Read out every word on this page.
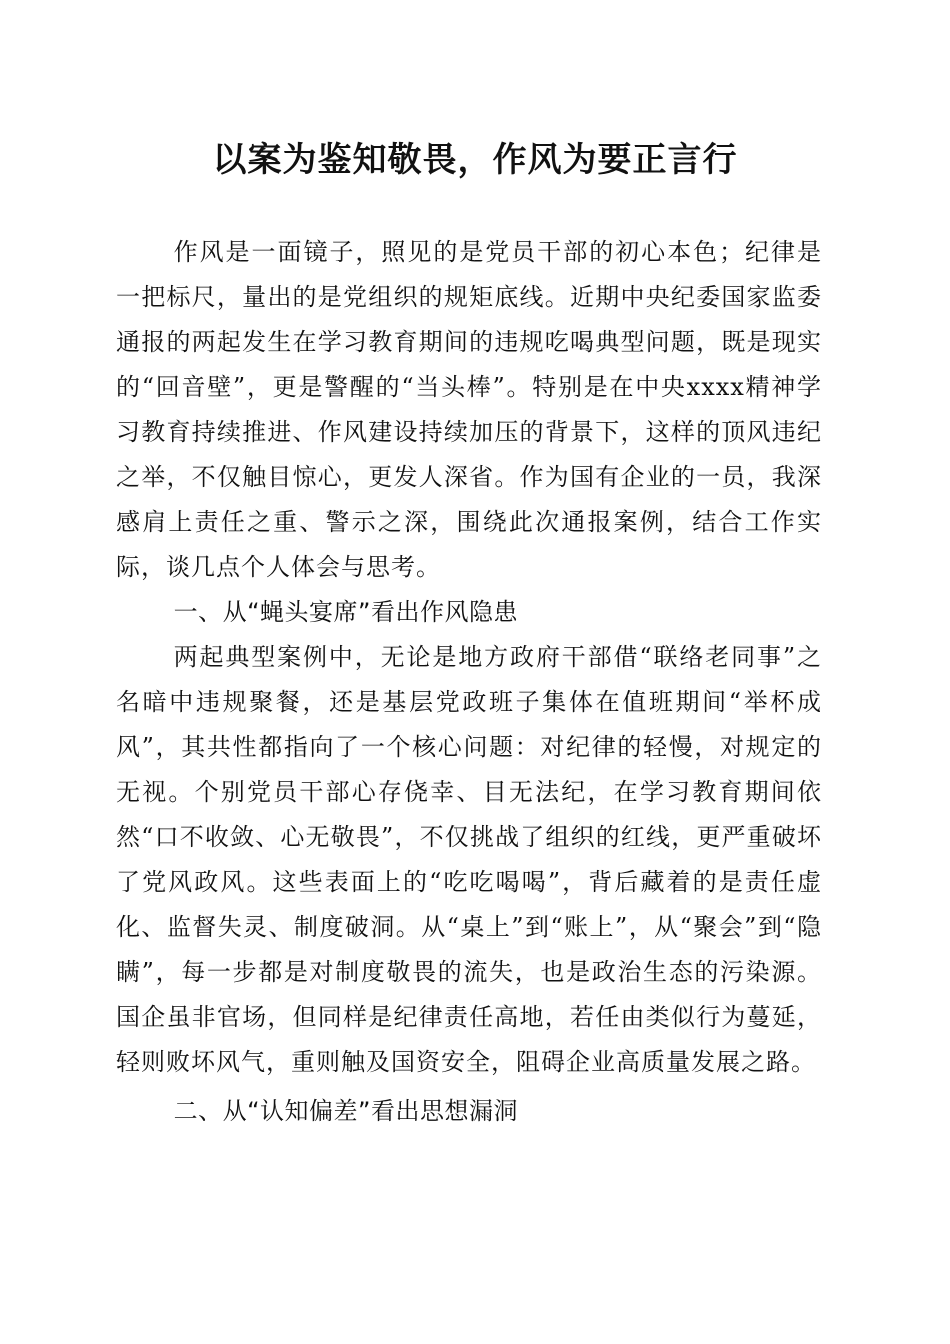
以案为鉴知敬畏，作风为要正言行

作风是一面镜子，照见的是党员干部的初心本色；纪律是一把标尺，量出的是党组织的规矩底线。近期中央纪委国家监委通报的两起发生在学习教育期间的违规吃喝典型问题，既是现实的“回音壁”，更是警醒的“当头棒”。特别是在中央xxxx精神学习教育持续推进、作风建设持续加压的背景下，这样的顶风违纪之举，不仅触目惊心，更发人深省。作为国有企业的一员，我深感肩上责任之重、警示之深，围绕此次通报案例，结合工作实际，谈几点个人体会与思考。

一、从“蝇头宴席”看出作风隐患

两起典型案例中，无论是地方政府干部借“联络老同事”之名暗中违规聚餐，还是基层党政班子集体在值班期间“举杯成风”，其共性都指向了一个核心问题：对纪律的轻慢，对规定的无视。个别党员干部心存侥幸、目无法纪，在学习教育期间依然“口不收敛、心无敬畏”，不仅挑战了组织的红线，更严重破坏了党风政风。这些表面上的“吃吃喝喝”，背后藏着的是责任虚化、监督失灵、制度破洞。从“桌上”到“账上”，从“聚会”到“隐瞒”，每一步都是对制度敬畏的流失，也是政治生态的污染源。国企虽非官场，但同样是纪律责任高地，若任由类似行为蔓延，轻则败坏风气，重则触及国资安全，阻碍企业高质量发展之路。

二、从“认知偏差”看出思想漏洞
